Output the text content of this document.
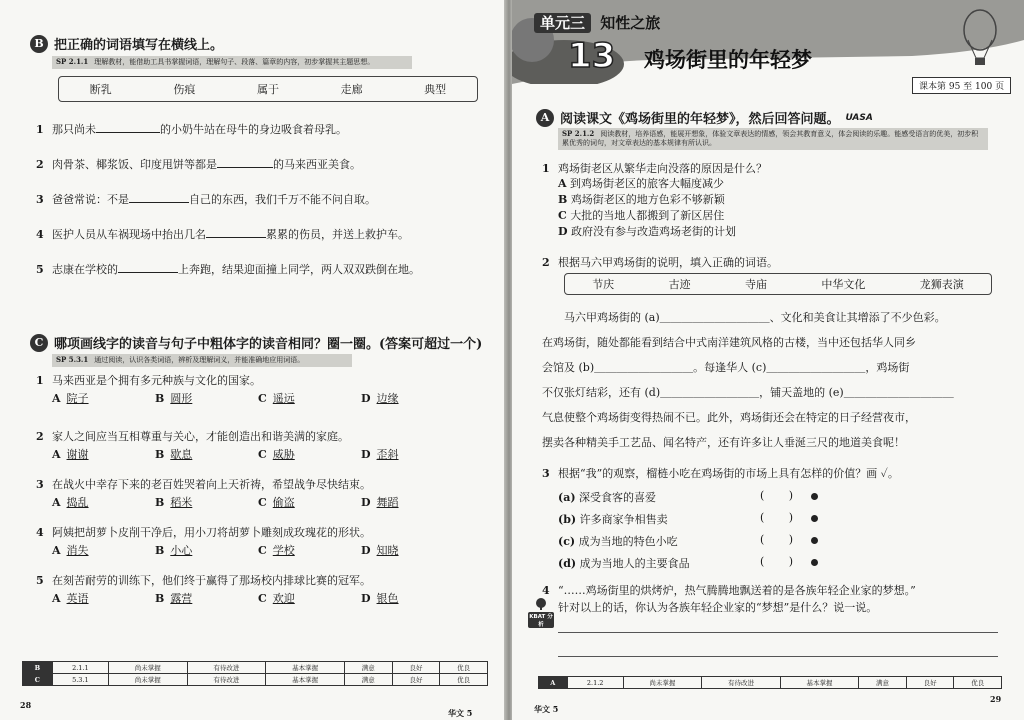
B 把正确的词语填写在横线上。
SP 2.1.1 理解教材，能借助工具书掌握词语，理解句子、段落、篇章的内容，初步掌握其主题思想。
断乳	伤痕	属于	走廊	典型
1 那只尚未	的小奶牛站在母牛的身边吸食着母乳。
2 肉骨茶、椰浆饭、印度甩饼等都是	的马来西亚美食。
3 爸爸常说：不是	自己的东西，我们千万不能不问自取。
4 医护人员从车祸现场中抬出几名	累累的伤员，并送上救护车。
5 志康在学校的	上奔跑，结果迎面撞上同学，两人双双跌倒在地。
C 哪项画线字的读音与句子中粗体字的读音相同？圈一圈。(答案可超过一个)
SP 5.3.1 通过阅读，认识各类词语，辨析及理解词义，并能准确地应用词语。
1 马来西亚是个拥有多元种族与文化的国家。
A 院子	B 圆形	C 遥远	D 边缘
2 家人之间应当互相尊重与关心，才能创造出和谐美满的家庭。
A 谢谢	B 歇息	C 威胁	D 歪斜
3 在战火中幸存下来的老百姓哭着向上天祈祷，希望战争尽快结束。
A 捣乱	B 稻米	C 偷盗	D 舞蹈
4 阿姨把胡萝卜皮削干净后，用小刀将胡萝卜雕刻成玫瑰花的形状。
A 消失	B 小心	C 学校	D 知晓
5 在刻苦耐劳的训练下，他们终于赢得了那场校内排球比赛的冠军。
A 英语	B 露营	C 欢迎	D 银色
B	2.1.1	尚未掌握	有待改进	基本掌握	满意	良好	优良
C	5.3.1	尚未掌握	有待改进	基本掌握	满意	良好	优良
28
华文 5
单元三 知性之旅
13 鸡场街里的年轻梦
课本第 95 至 100 页
A 阅读课文《鸡场街里的年轻梦》，然后回答问题。 UASA
SP 2.1.2 阅读教材，培养语感，能展开想象，体验文章表达的情感，领会其教育意义，体会阅读的乐趣。能感受语言的优美，初步积累优秀的词句，对文章表达的基本规律有所认识。
1 鸡场街老区从繁华走向没落的原因是什么？
A 到鸡场街老区的旅客大幅度减少
B 鸡场街老区的地方色彩不够新颖
C 大批的当地人都搬到了新区居住
D 政府没有参与改造鸡场老街的计划
2 根据马六甲鸡场街的说明，填入正确的词语。
节庆	古迹	寺庙	中华文化	龙狮表演
马六甲鸡场街的 (a)＿＿＿＿＿＿＿＿＿＿、文化和美食让其增添了不少色彩。
在鸡场街，随处都能看到结合中式南洋建筑风格的古楼，当中还包括华人同乡
会馆及 (b)＿＿＿＿＿＿＿＿＿。每逢华人 (c)＿＿＿＿＿＿＿＿＿，鸡场街
不仅张灯结彩，还有 (d)＿＿＿＿＿＿＿＿＿，铺天盖地的 (e)＿＿＿＿＿＿＿＿＿＿
气息使整个鸡场街变得热闹不已。此外，鸡场街还会在特定的日子经营夜市，
摆卖各种精美手工艺品、闻名特产，还有许多让人垂涎三尺的地道美食呢！
3 根据“我”的观察，榴梿小吃在鸡场街的市场上具有怎样的价值？画 ✓。
(a) 深受食客的喜爱	(       )
(b) 许多商家争相售卖	(       )
(c) 成为当地的特色小吃	(       )
(d) 成为当地人的主要食品	(       )
4 “……鸡场街里的烘烤炉，热气腾腾地飘送着的是各族年轻企业家的梦想。”
针对以上的话，你认为各族年轻企业家的“梦想”是什么？说一说。
KBAT 分析
A	2.1.2	尚未掌握	有待改进	基本掌握	满意	良好	优良
华文 5
29
